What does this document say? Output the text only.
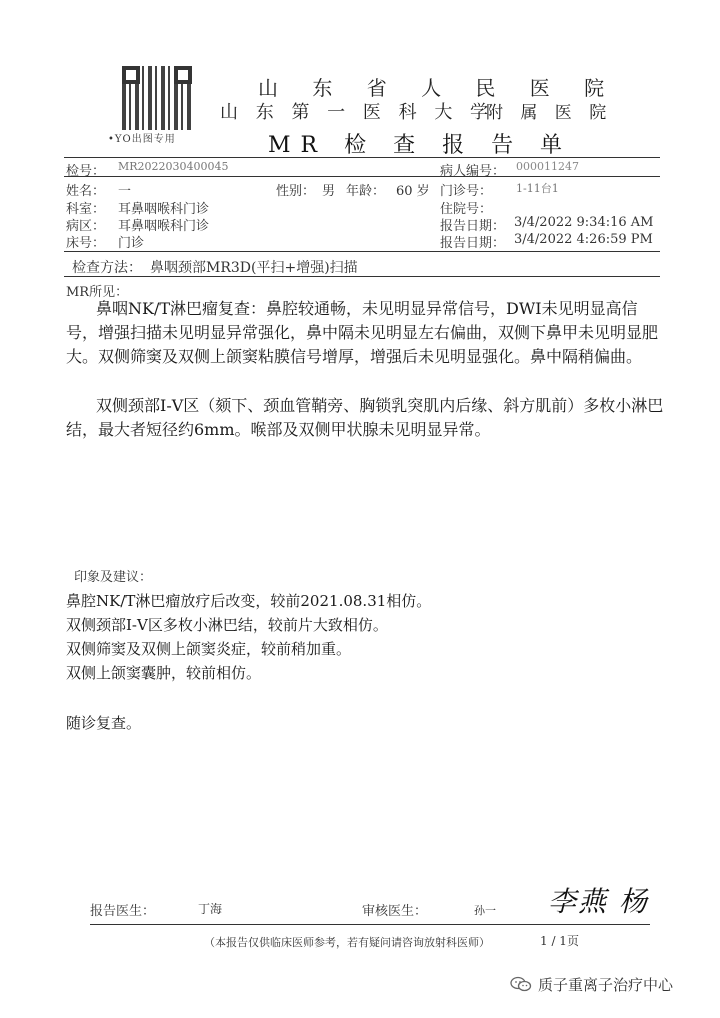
•YO出图专用
山 东 省 人 民 医 院
山 东 第 一 医 科 大 学
附 属 医 院
MR 检 查 报 告 单
检号： MR2022030400045	病人编号： 000011247
姓名： 一	性别： 男 年龄： 60 岁 门诊号： 1-11台1
科室： 耳鼻咽喉科门诊	住院号：
病区： 耳鼻咽喉科门诊	报告日期： 3/4/2022 9:34:16 AM
床号： 门诊	报告日期： 3/4/2022 4:26:59 PM
检查方法： 鼻咽颈部MR3D(平扫+增强)扫描
MR所见：
鼻咽NK/T淋巴瘤复查：鼻腔较通畅，未见明显异常信号，DWI未见明显高信号，增强扫描未见明显异常强化，鼻中隔未见明显左右偏曲，双侧下鼻甲未见明显肥大。双侧筛窦及双侧上颌窦粘膜信号增厚，增强后未见明显强化。鼻中隔稍偏曲。
双侧颈部Ⅰ-Ⅴ区（颏下、颈血管鞘旁、胸锁乳突肌内后缘、斜方肌前）多枚小淋巴结，最大者短径约6mm。喉部及双侧甲状腺未见明显异常。
印象及建议：
鼻腔NK/T淋巴瘤放疗后改变，较前2021.08.31相仿。
双侧颈部Ⅰ-Ⅴ区多枚小淋巴结，较前片大致相仿。
双侧筛窦及双侧上颌窦炎症，较前稍加重。
双侧上颌窦囊肿，较前相仿。
随诊复查。
报告医生：	丁海	审核医生：	孙一 李燕 杨
（本报告仅供临床医师参考，若有疑问请咨询放射科医师）	1 / 1页
质子重离子治疗中心
